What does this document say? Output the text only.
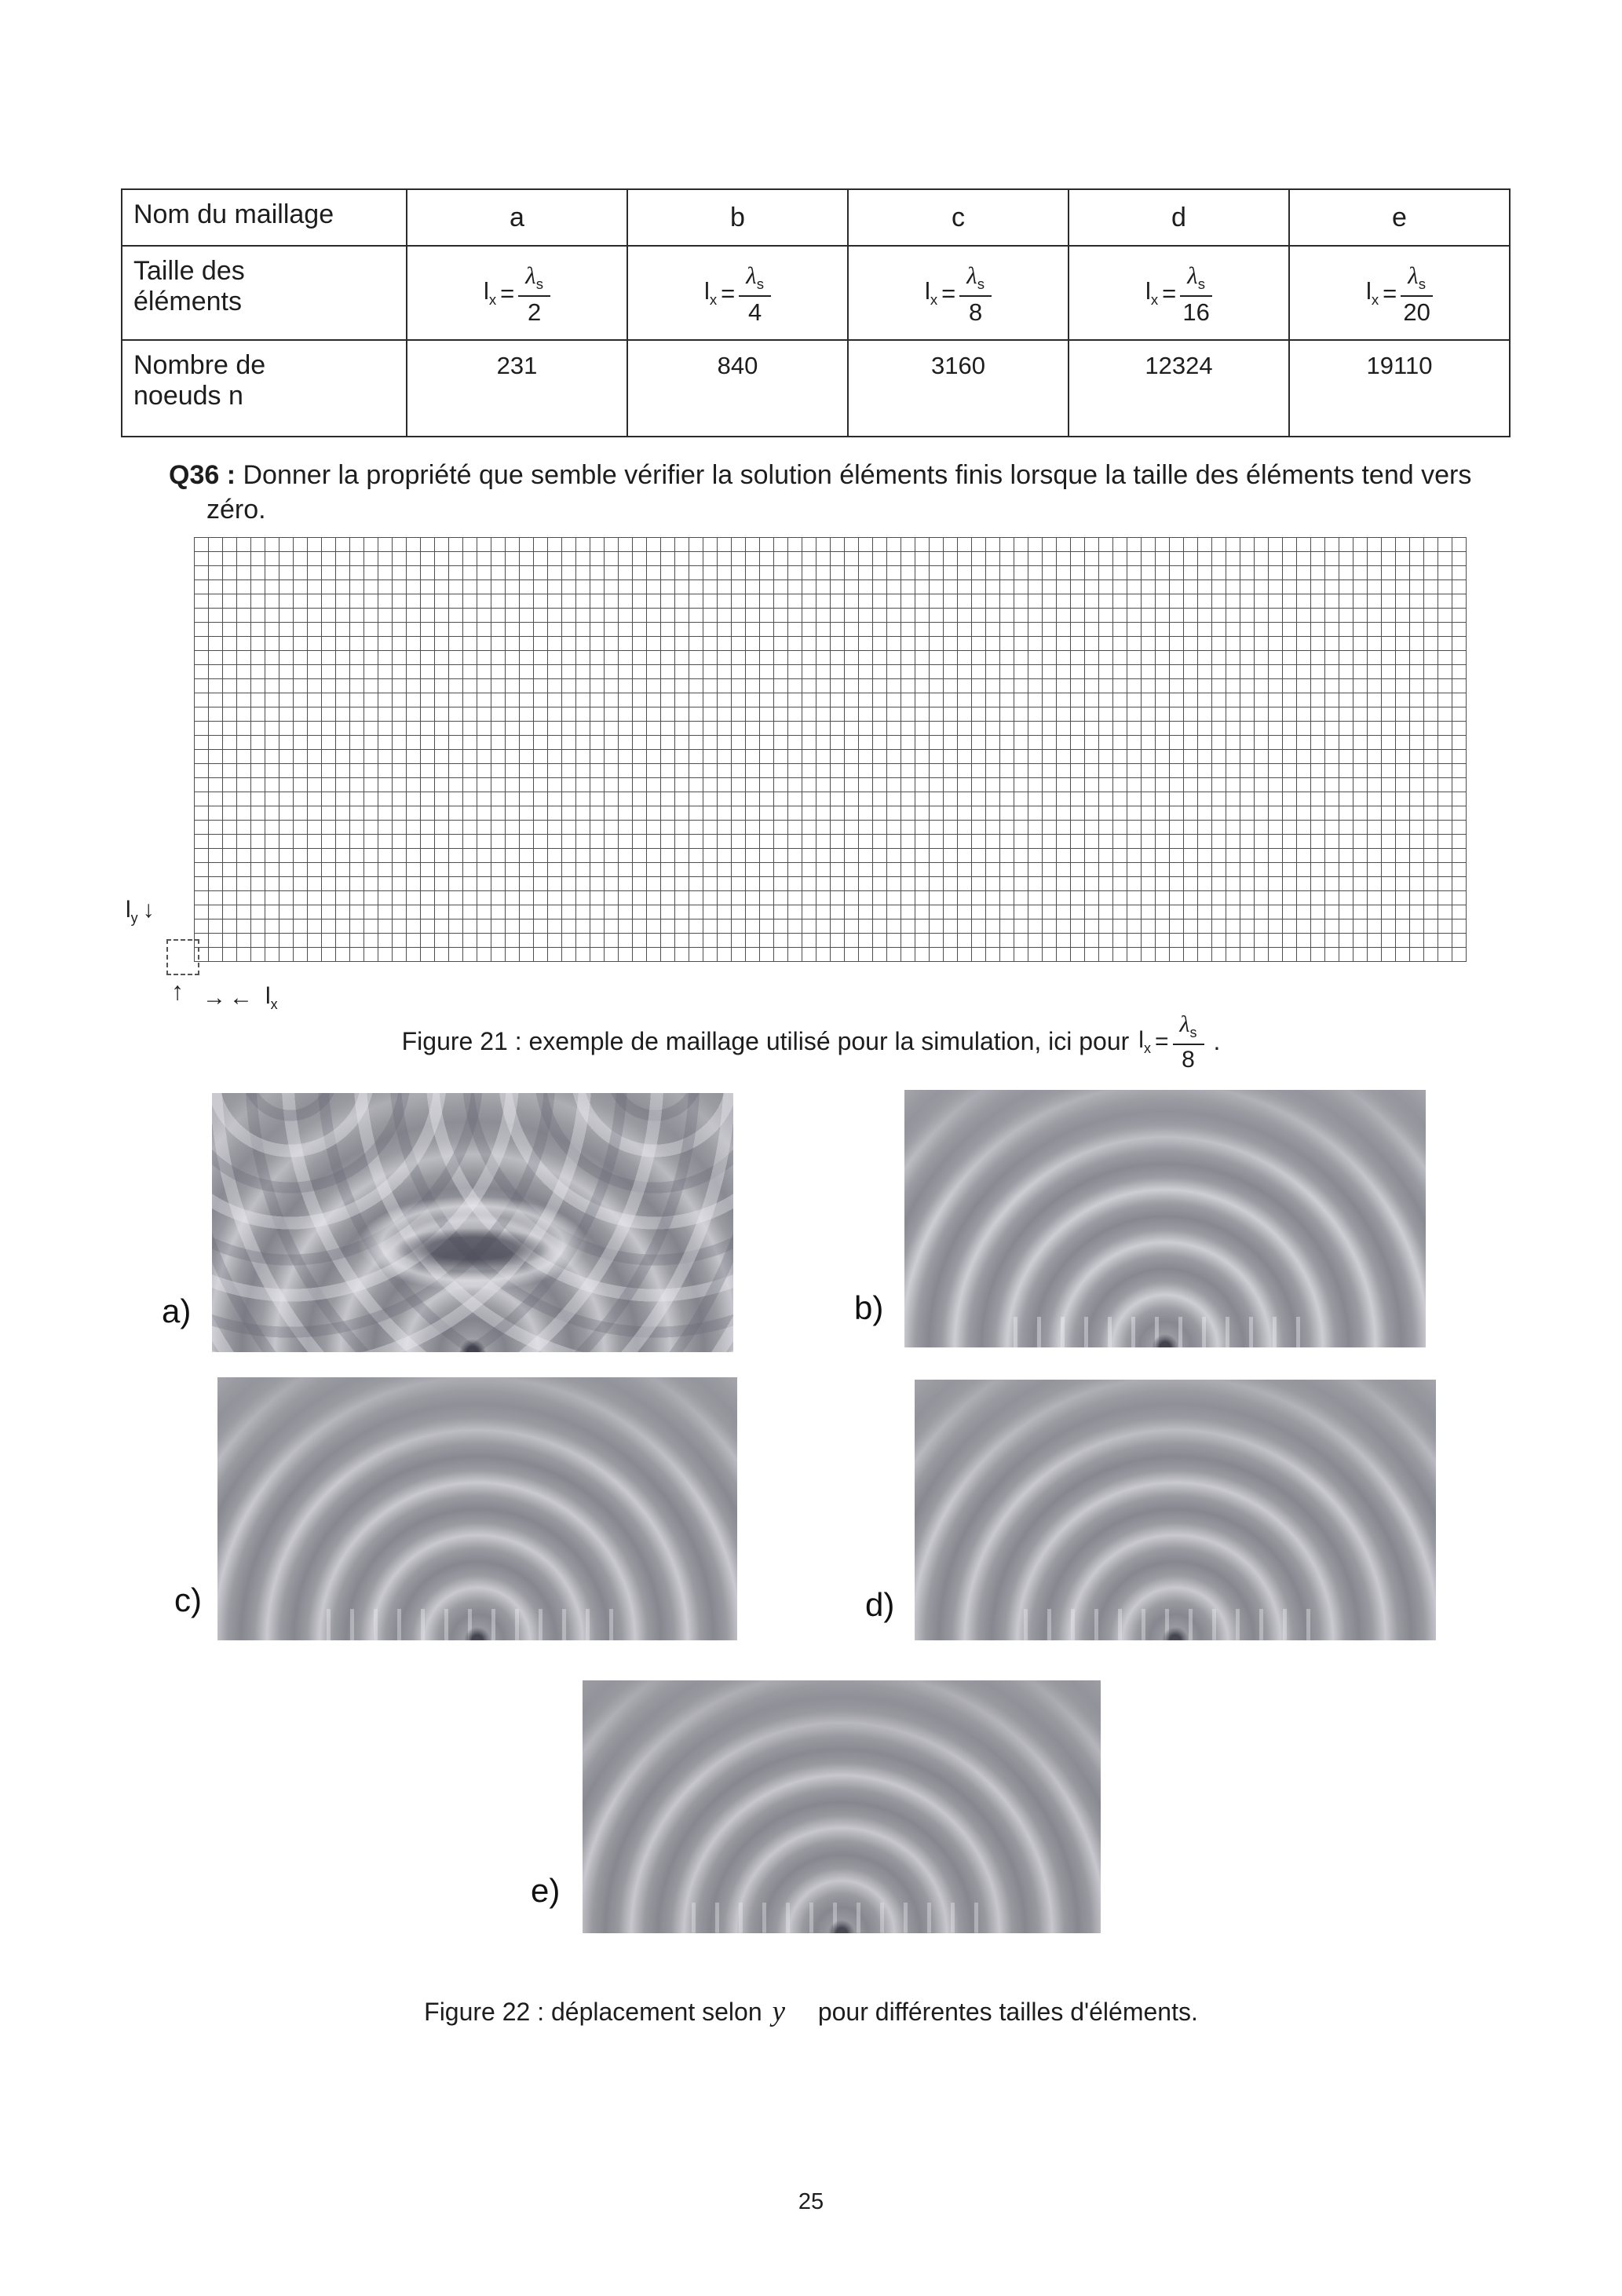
Nom du maillage	a	b	c	d	e
Taille des éléments	$l_x = \frac{\lambda_s}{2}$	$l_x = \frac{\lambda_s}{4}$	$l_x = \frac{\lambda_s}{8}$	$l_x = \frac{\lambda_s}{16}$	$l_x = \frac{\lambda_s}{20}$

Nombre de noeuds n	231	840	3160	12324	19110
Q36 : Donner la propriété que semble vérifier la solution éléments finis lorsque la taille des éléments tend vers zéro.
$l_y$ ↓
↑ →← $l_x$
Figure 21 : exemple de maillage utilisé pour la simulation, ici pour $l_x = \frac{\lambda_s}{8}$ .
a)	b)
c)	d)
e)
Figure 22 : déplacement selon y⃗ pour différentes tailles d'éléments.
25
